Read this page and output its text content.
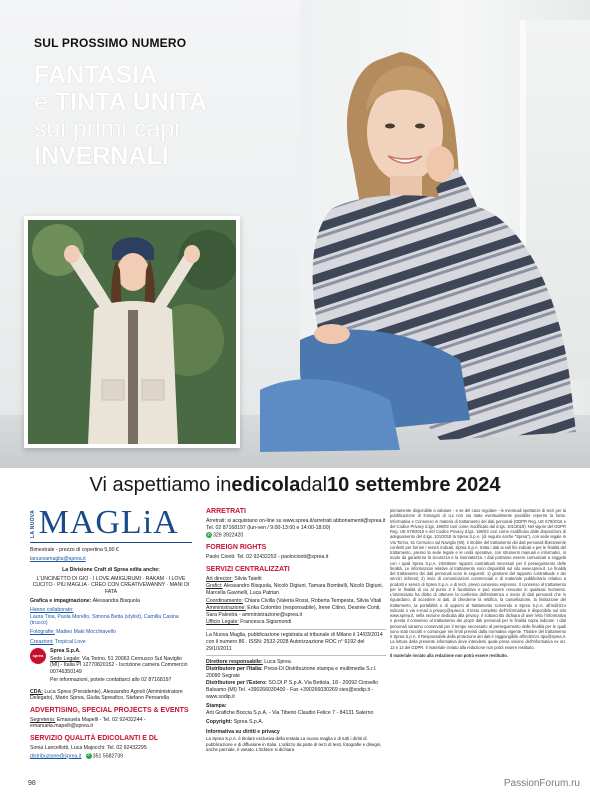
SUL PROSSIMO NUMERO
FANTASIA
e TINTA UNITA
sui primi capi
INVERNALI
Vi aspettiamo in edicola dal 10 settembre 2024
LA NUOVA MAGLiA

Bimestrale - prezzo di copertina 5,90 €

lanuovamaglia@sprea.it

La Divisione Craft di Sprea edita anche:

L'UNCINETTO DI GIO · I LOVE AMIGURUMI · RAKAM · I LOVE CUCITO · PIÙ MAGLIA · CREO CON CREATIVEWANNY · MANI DI FATA

Grafica e impaginazione: Alessandra Bisquola

Hanno collaborato:

Laura Tioa, Paola Morello, Simona Betta (stylist), Camilla Casina (trucco)

Fotografie: Matteo Maki Mocchiavello

Creazioni: Tropical Love

sprea

Sprea S.p.A.

Sede Legale: Via Torino, 51 20063 Cernusco Sul Naviglio (MI) - Italia PI 12770820152 - Iscrizione camera Commercio 00746350149

Per informazioni, potete contattarci allo 02 87168197

CDA: Luca Sprea (Presidente), Alessandro Agnoli (Amministratore Delegato), Mario Sprea, Giulia Spreafico, Stefano Pernarella

ADVERTISING, SPECIAL PROJECTS & EVENTS

Segreteria: Emanuela Mapelli - Tel. 02 92432244 - emanuela.mapelli@sprea.it

SERVIZIO QUALITÀ EDICOLANTI E DL

Sonia Lancellotti, Luca Majocchi: Tel. 02 92432295

distribuzione@sprea.it ✆ 351 5582739

ARRETRATI

Arretrati: si acquistano on-line su www.sprea.it/arretrati abbonamenti@sprea.it Tel. 02 87168197 (lun-ven / 9:00-13:00 e 14:00-18:00)

✆ 329 3922420

FOREIGN RIGHTS

Paolo Cionti: Tel. 02 92432253 - paolocionti@sprea.it

SERVIZI CENTRALIZZATI

Art director: Silvia Taietti

Grafici: Alessandro Bisquola, Nicolò Digiuni, Tamara Bombelli, Nicolò Digiuni, Marcella Gavinelli, Luca Patrian

Coordinamento: Chiara Civilla (Valeria Rossi, Roberta Tempesta, Silvia Vitali

Amministrazione: Erika Colombo (responsabile), Irene Citino, Desirée Conti, Sara Palestra - amministrazione@sprea.it

Ufficio Legale: Francesca Sigismondi

La Nuova Maglia, pubblicazione registrata al tribunale di Milano il 14/03/2014 con il numero 86 . ISSN: 2532-2028 Autorizzazione ROC n° 6192 del 29/10/2011

Direttore responsabile: Luca Sprea

Distributore per l'Italia: Press-Di Distribuzione stampa e multimedia S.r.l. 20090 Segrate

Distributore per l'Estero: SO.DI.P S.p.A. Via Bettola, 18 - 20092 Cinisello Balsamo (MI) Tel. +390266030400 - Fax +390266030269 sies@sodip.it - www.sodip.it

Stampa:

Arti Grafiche Boccia S.p.A. - Via Tiberio Claudio Felice 7 - 84131 Salerno

Copyright: Sprea S.p.A.

Informativa su diritti e privacy

La Sprea S.p.A. è titolare esclusiva della testata La nuova maglia e di tutti i diritti di pubblicazione e di diffusione in Italia. L'utilizzo da parte di terzi di testi, fotografie e disegni, anche parziale, è vietato. L'Editore si dichiara

pienamente disponibile a valutare - e se del caso regolare - le eventuali spettanze di terzi per la pubblicazione di immagini di cui non sia stato eventualmente possibile reperire la fonte. Informativa e Consenso in materia di trattamento dei dati personali (GDPR Reg. UE 679/2016 e del Codice Privacy d.lgs. 196/03 così come modificato dal d.lgs. 101/2018). Nel vigore del GDPR Reg. UE 679/2016 e del Codice Privacy d.lgs. 196/03 così come modificato dalle disposizioni di adeguamento del d.lgs. 101/2018 la Sprea S.p.A. (di seguito anche "Sprea"), con sede legale in Via Torino, 51 Cernusco sul Naviglio (MI), è titolare del trattamento dei dati personali liberamente conferiti per fornire i servizi indicati. Sprea S.p.A. tratta i dati ai soli fini indicati e per le finalità del trattamento, presso la sede legale e le unità operative, con strumenti manuali e informatici, in modo da garantirne la sicurezza e la riservatezza. I dati potranno essere comunicati a soggetti con i quali Sprea S.p.A. intrattiene rapporti contrattuali necessari per il perseguimento delle finalità. Le informazioni relative al trattamento sono disponibili sul sito www.sprea.it. Le finalità del trattamento dei dati personali sono le seguenti: 1) gestione del rapporto contrattuale e dei servizi richiesti; 2) invio di comunicazioni commerciali e di materiale pubblicitario relativo a prodotti e servizi di Sprea S.p.A. e di terzi, previo consenso espresso. Il consenso al trattamento per le finalità di cui al punto 2 è facoltativo e può essere revocato in qualsiasi momento. L'interessato ha diritto di ottenere la conferma dell'esistenza o meno di dati personali che lo riguardano, di accedere ai dati, di chiederne la rettifica, la cancellazione, la limitazione del trattamento, la portabilità e di opporsi al trattamento scrivendo a Sprea S.p.A. all'indirizzo indicato o via e-mail a privacy@sprea.it. Il testo completo dell'informativa è disponibile sul sito www.sprea.it, nella sezione dedicata alla privacy. Il sottoscritto dichiara di aver letto l'informativa e presta il consenso al trattamento dei propri dati personali per le finalità sopra indicate. I dati personali saranno conservati per il tempo necessario al perseguimento delle finalità per le quali sono stati raccolti e comunque nei limiti previsti dalla normativa vigente. Titolare del trattamento è Sprea S.p.A. Il Responsabile della protezione dei dati è raggiungibile all'indirizzo dpo@sprea.it. La lettura della presente informativa deve intendersi quale presa visione dell'Informativa ex art. 13 e 14 del GDPR. Il materiale inviato alla redazione non potrà essere restituito.

Il materiale inviato alla redazione non potrà essere restituito.

98	PassionForum.ru
